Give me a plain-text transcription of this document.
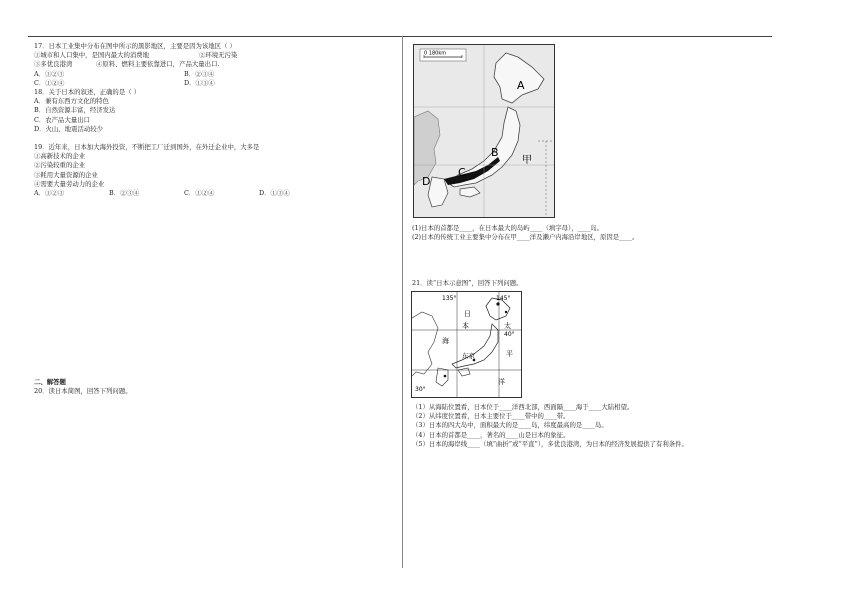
17．日本工业集中分布在图中所示的黑影地区，主要是因为该地区（ ）
①城市和人口集中，是国内最大的消费地	②环境无污染
③多优良港湾	④原料、燃料主要依靠进口，产品大量出口.
A．①②③	B．②③④
C．①②④	D．①③④
18．关于日本的叙述，正确的是（ ）
A．兼有东西方文化的特色
B．自然资源丰富，经济发达
C．农产品大量出口
D．火山、地震活动较少
19．近年来，日本加大海外投资，不断把工厂迁到国外，在外迁企业中，大多是
①高新技术的企业
②污染较重的企业
③耗用大量资源的企业
④需要大量劳动力的企业
A．①②③	B．②③④	C．①②④	D．①③④
二、解答题
20．读日本简图，回答下列问题。
0 180km
A
B
C
D
甲
(1)日本的首都是____，在日本最大的岛屿____（填字母），____岛。
(2)日本的传统工业主要集中分布在甲____洋及濑户内海沿岸地区，原因是____。
21．读“日本示意图”，回答下列问题。
135°	145°
40°
30°
日
本
海
东京
太
平
洋
（1）从海陆位置看，日本位于____洋西北部，西面隔____海于____大陆相望。
（2）从纬度位置看，日本主要位于____带中的____带。
（3）日本的四大岛中，面积最大的是____岛，纬度最高的是____岛。
（4）日本的首都是____，著名的____山是日本的象征。
（5）日本的海岸线____（填“曲折”或“平直”），多优良港湾，为日本的经济发展提供了有利条件。
